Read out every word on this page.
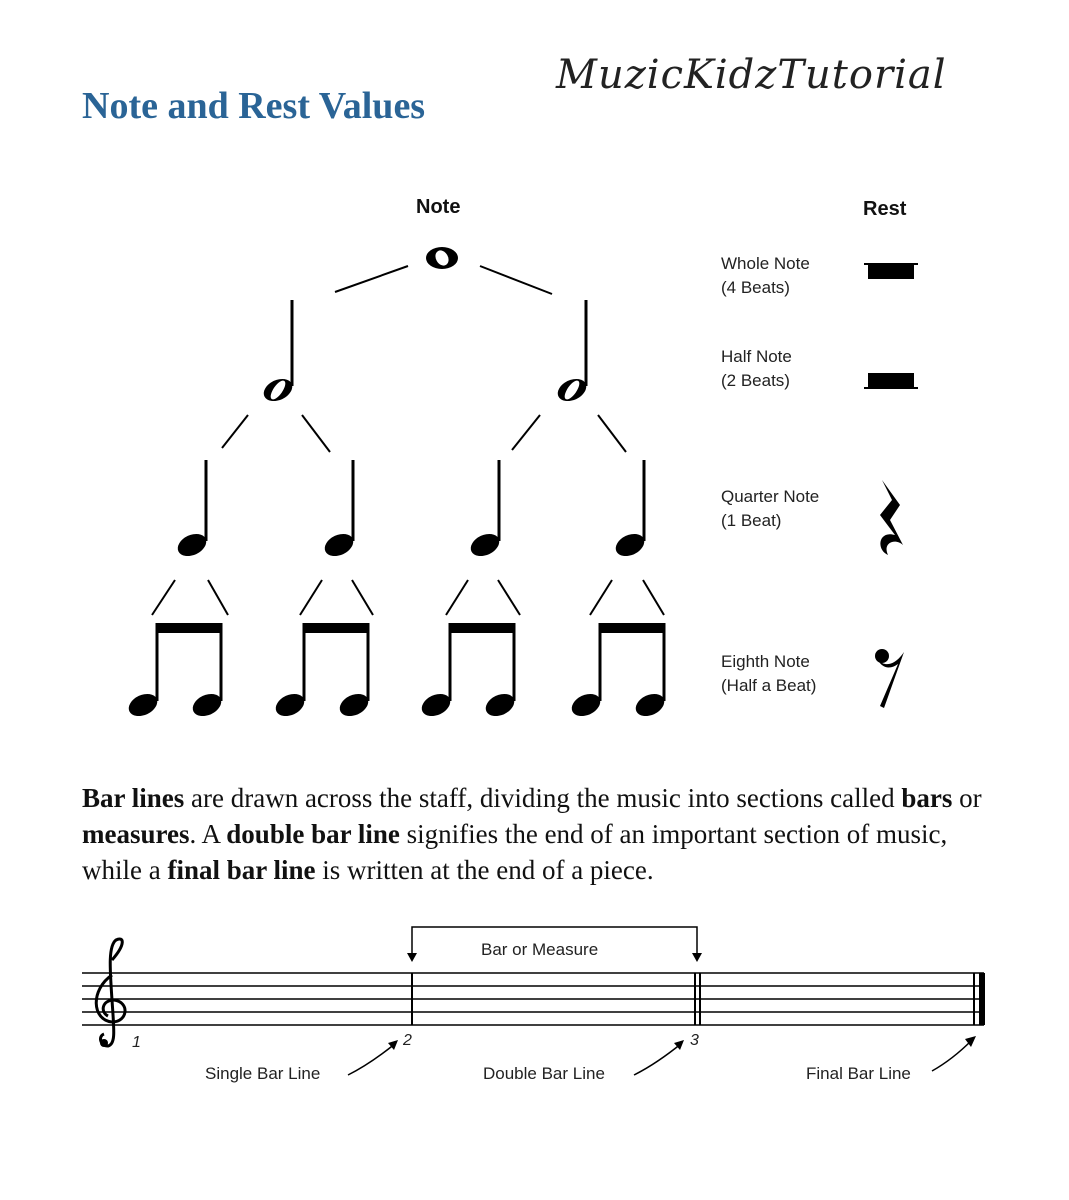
Note and Rest Values
MuzicKidzTutorial
Note	Rest
Whole Note
(4 Beats)
Half Note
(2 Beats)
Quarter Note
(1 Beat)
Eighth Note
(Half a Beat)

Bar lines are drawn across the staff, dividing the music into sections called bars or measures. A double bar line signifies the end of an important section of music, while a final bar line is written at the end of a piece.

Bar or Measure
1	2	3
Single Bar Line	Double Bar Line	Final Bar Line
